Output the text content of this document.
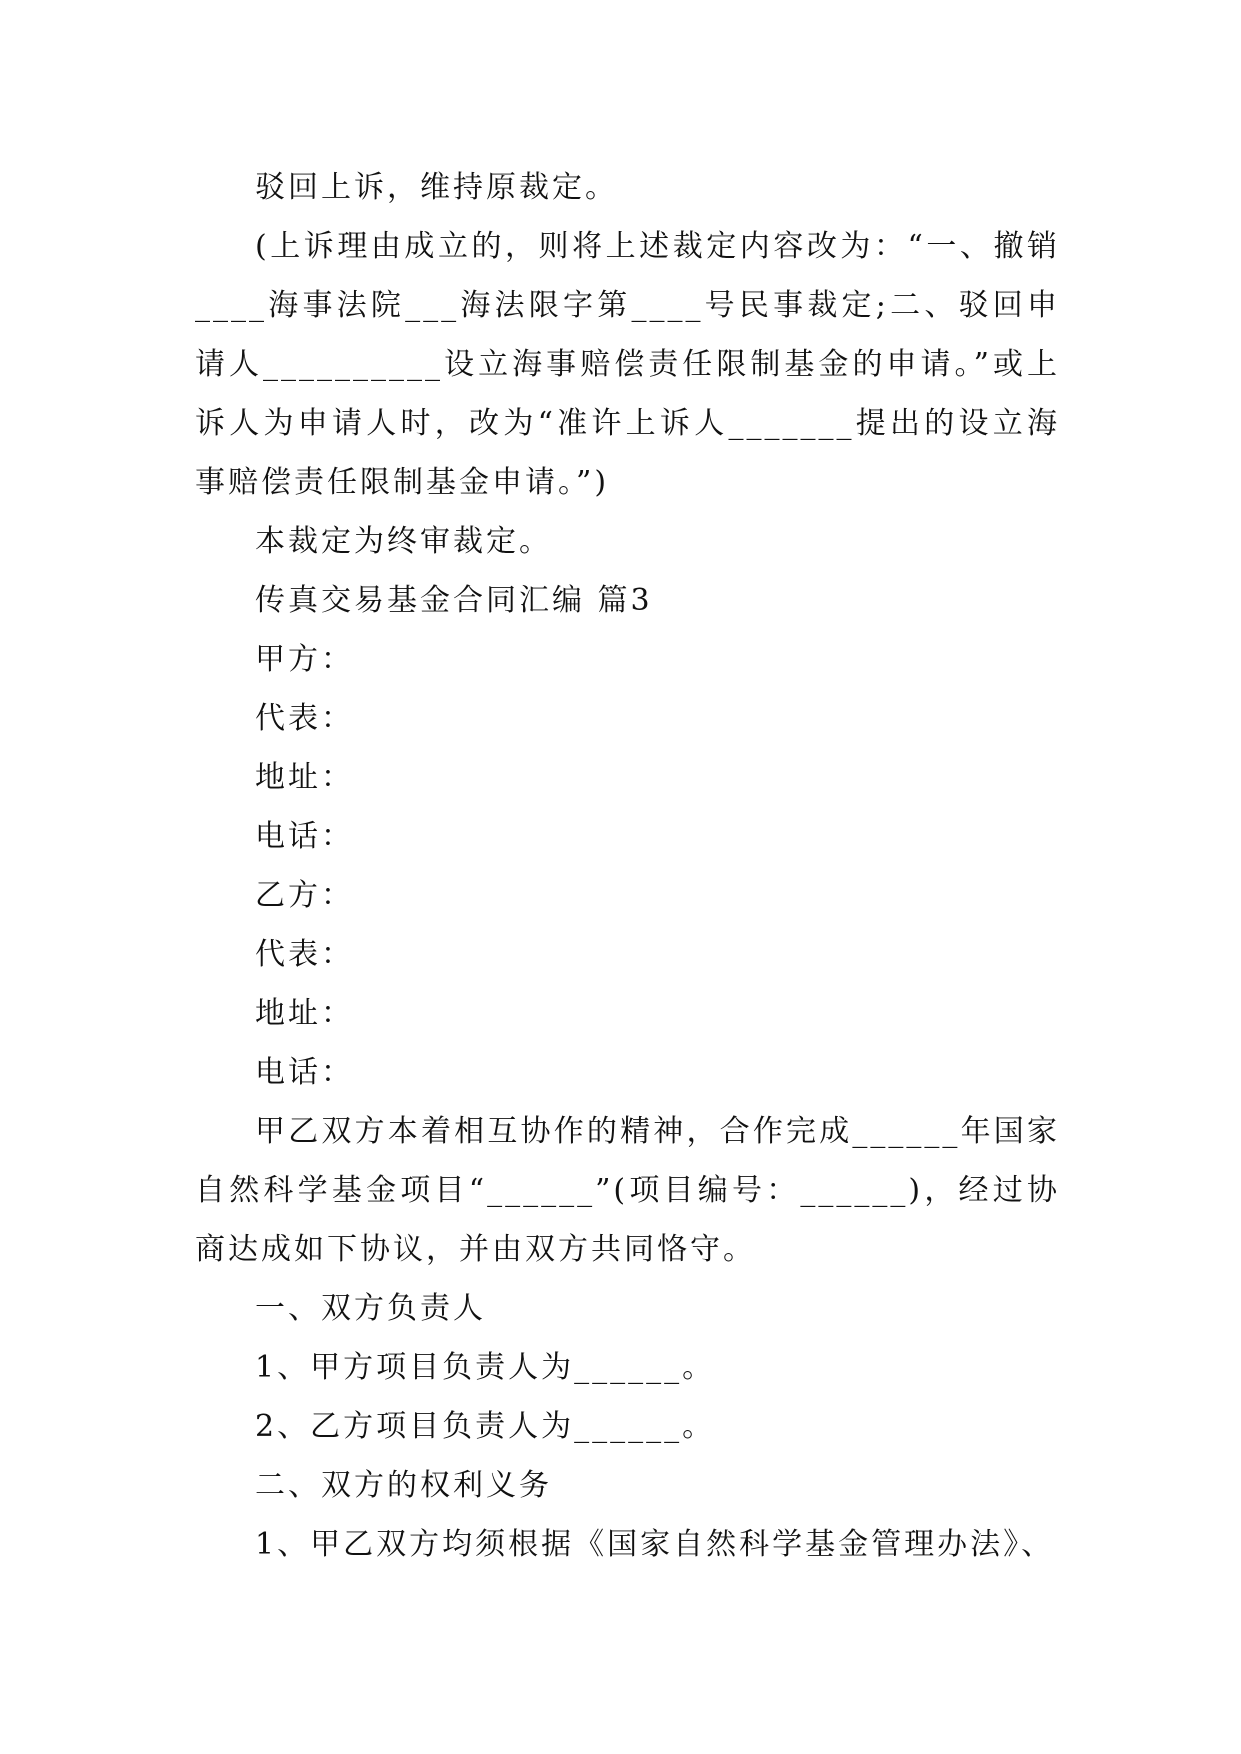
驳回上诉，维持原裁定。

(上诉理由成立的，则将上述裁定内容改为：“一、撤销____海事法院___海法限字第____号民事裁定;二、驳回申请人__________设立海事赔偿责任限制基金的申请。”或上诉人为申请人时，改为“准许上诉人_______提出的设立海事赔偿责任限制基金申请。”)

本裁定为终审裁定。

传真交易基金合同汇编 篇3

甲方：

代表：

地址：

电话：

乙方：

代表：

地址：

电话：

甲乙双方本着相互协作的精神，合作完成______年国家自然科学基金项目“______”(项目编号：______)，经过协商达成如下协议，并由双方共同恪守。

一、双方负责人

1、甲方项目负责人为______。

2、乙方项目负责人为______。

二、双方的权利义务

1、甲乙双方均须根据《国家自然科学基金管理办法》、
